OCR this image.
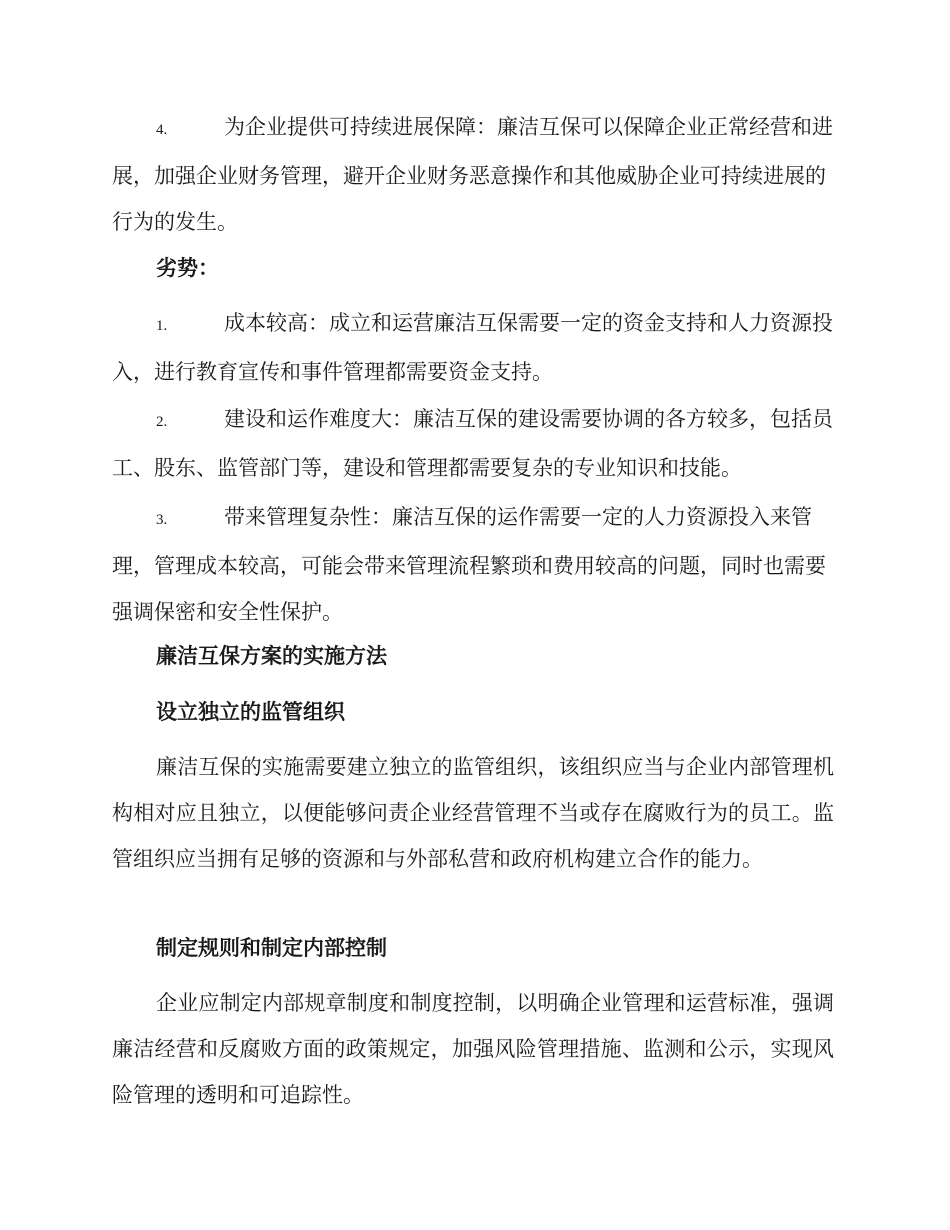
4.	为企业提供可持续进展保障：廉洁互保可以保障企业正常经营和进展，加强企业财务管理，避开企业财务恶意操作和其他威胁企业可持续进展的行为的发生。

劣势：

1.	成本较高：成立和运营廉洁互保需要一定的资金支持和人力资源投入，进行教育宣传和事件管理都需要资金支持。

2.	建设和运作难度大：廉洁互保的建设需要协调的各方较多，包括员工、股东、监管部门等，建设和管理都需要复杂的专业知识和技能。

3.	带来管理复杂性：廉洁互保的运作需要一定的人力资源投入来管理，管理成本较高，可能会带来管理流程繁琐和费用较高的问题，同时也需要强调保密和安全性保护。

廉洁互保方案的实施方法

设立独立的监管组织

廉洁互保的实施需要建立独立的监管组织，该组织应当与企业内部管理机构相对应且独立，以便能够问责企业经营管理不当或存在腐败行为的员工。监管组织应当拥有足够的资源和与外部私营和政府机构建立合作的能力。

制定规则和制定内部控制

企业应制定内部规章制度和制度控制，以明确企业管理和运营标准，强调廉洁经营和反腐败方面的政策规定，加强风险管理措施、监测和公示，实现风险管理的透明和可追踪性。
